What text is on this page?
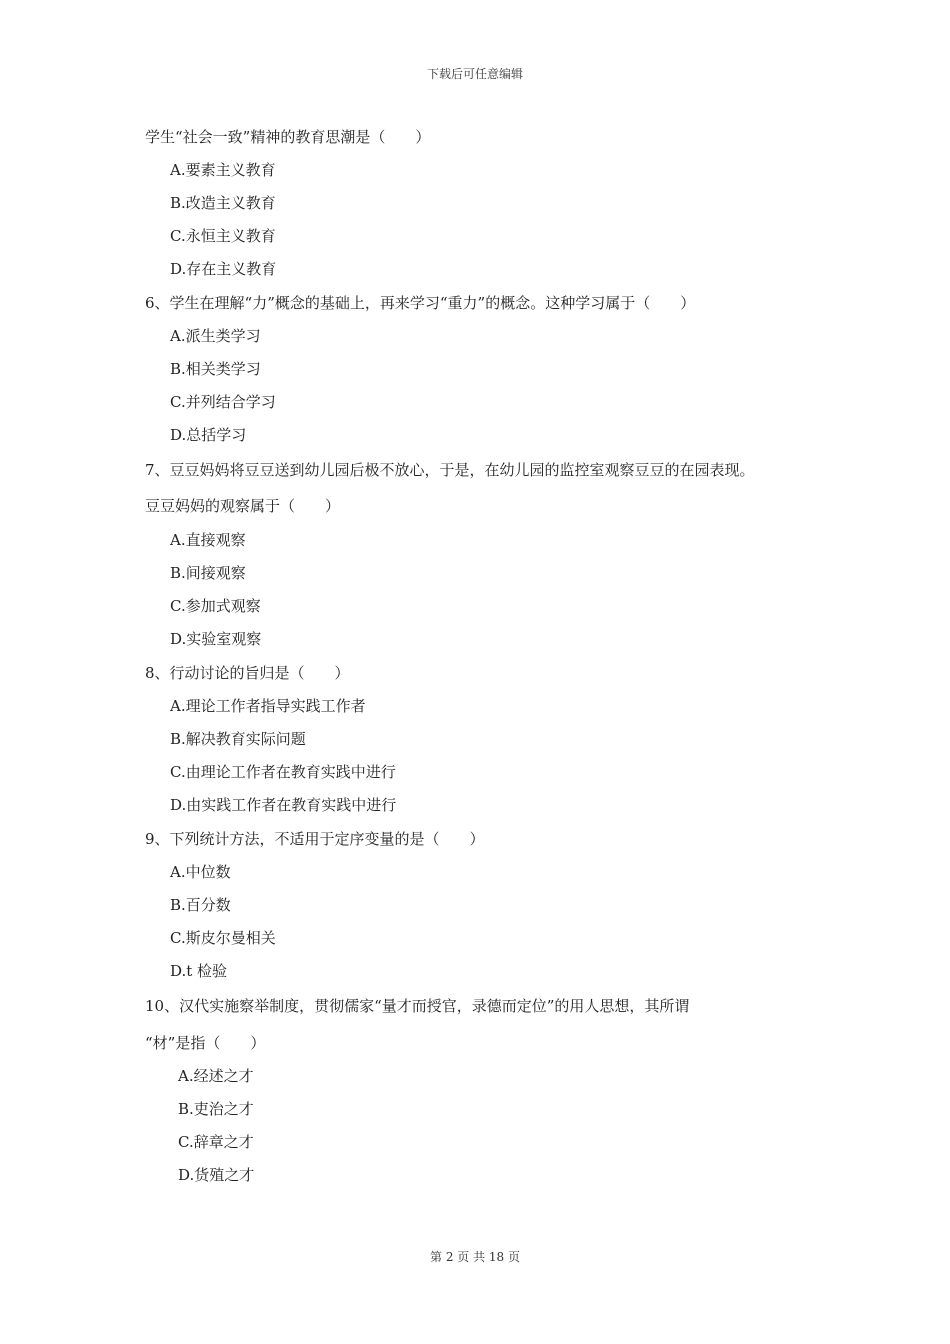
下载后可任意编辑
学生“社会一致”精神的教育思潮是（　　）
A.要素主义教育
B.改造主义教育
C.永恒主义教育
D.存在主义教育
6、学生在理解“力”概念的基础上，再来学习“重力”的概念。这种学习属于（　　）
A.派生类学习
B.相关类学习
C.并列结合学习
D.总括学习
7、豆豆妈妈将豆豆送到幼儿园后极不放心，于是，在幼儿园的监控室观察豆豆的在园表现。
豆豆妈妈的观察属于（　　）
A.直接观察
B.间接观察
C.参加式观察
D.实验室观察
8、行动讨论的旨归是（　　）
A.理论工作者指导实践工作者
B.解决教育实际问题
C.由理论工作者在教育实践中进行
D.由实践工作者在教育实践中进行
9、下列统计方法，不适用于定序变量的是（　　）
A.中位数
B.百分数
C.斯皮尔曼相关
D.t 检验
10、汉代实施察举制度，贯彻儒家“量才而授官，录德而定位”的用人思想，其所谓
“材”是指（　　）
A.经述之才
B.吏治之才
C.辞章之才
D.货殖之才
第 2 页 共 18 页
